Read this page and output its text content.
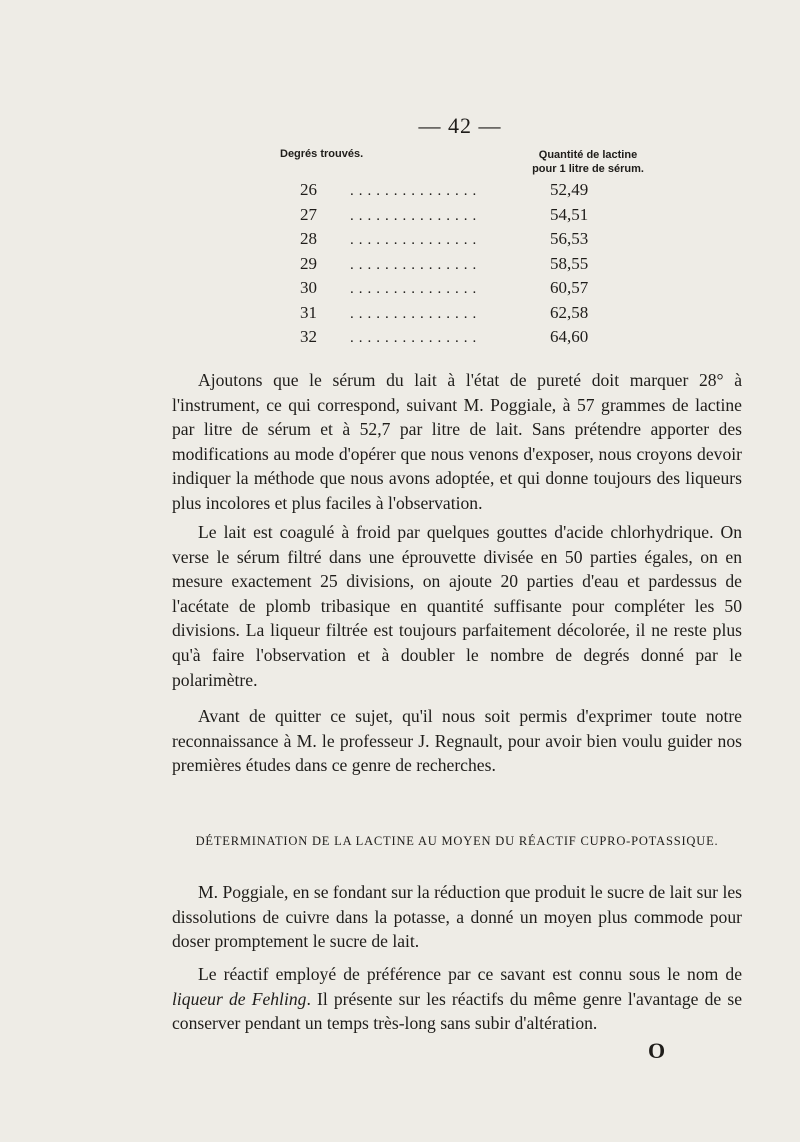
— 42 —
Degrés trouvés.	Quantité de lactine
pour 1 litre de sérum.
26	...............	52,49
27	...............	54,51
28	...............	56,53
29	...............	58,55
30	...............	60,57
31	...............	62,58
32	...............	64,60

Ajoutons que le sérum du lait à l'état de pureté doit marquer 28° à l'instrument, ce qui correspond, suivant M. Poggiale, à 57 grammes de lactine par litre de sérum et à 52,7 par litre de lait. Sans prétendre apporter des modifications au mode d'opérer que nous venons d'exposer, nous croyons devoir indiquer la méthode que nous avons adoptée, et qui donne toujours des liqueurs plus incolores et plus faciles à l'observation.

Le lait est coagulé à froid par quelques gouttes d'acide chlorhydrique. On verse le sérum filtré dans une éprouvette divisée en 50 parties égales, on en mesure exactement 25 divisions, on ajoute 20 parties d'eau et pardessus de l'acétate de plomb tribasique en quantité suffisante pour compléter les 50 divisions. La liqueur filtrée est toujours parfaitement décolorée, il ne reste plus qu'à faire l'observation et à doubler le nombre de degrés donné par le polarimètre.

Avant de quitter ce sujet, qu'il nous soit permis d'exprimer toute notre reconnaissance à M. le professeur J. Regnault, pour avoir bien voulu guider nos premières études dans ce genre de recherches.

DÉTERMINATION DE LA LACTINE AU MOYEN DU RÉACTIF CUPRO-POTASSIQUE.

M. Poggiale, en se fondant sur la réduction que produit le sucre de lait sur les dissolutions de cuivre dans la potasse, a donné un moyen plus commode pour doser promptement le sucre de lait.

Le réactif employé de préférence par ce savant est connu sous le nom de liqueur de Fehling. Il présente sur les réactifs du même genre l'avantage de se conserver pendant un temps très-long sans subir d'altération.

O
